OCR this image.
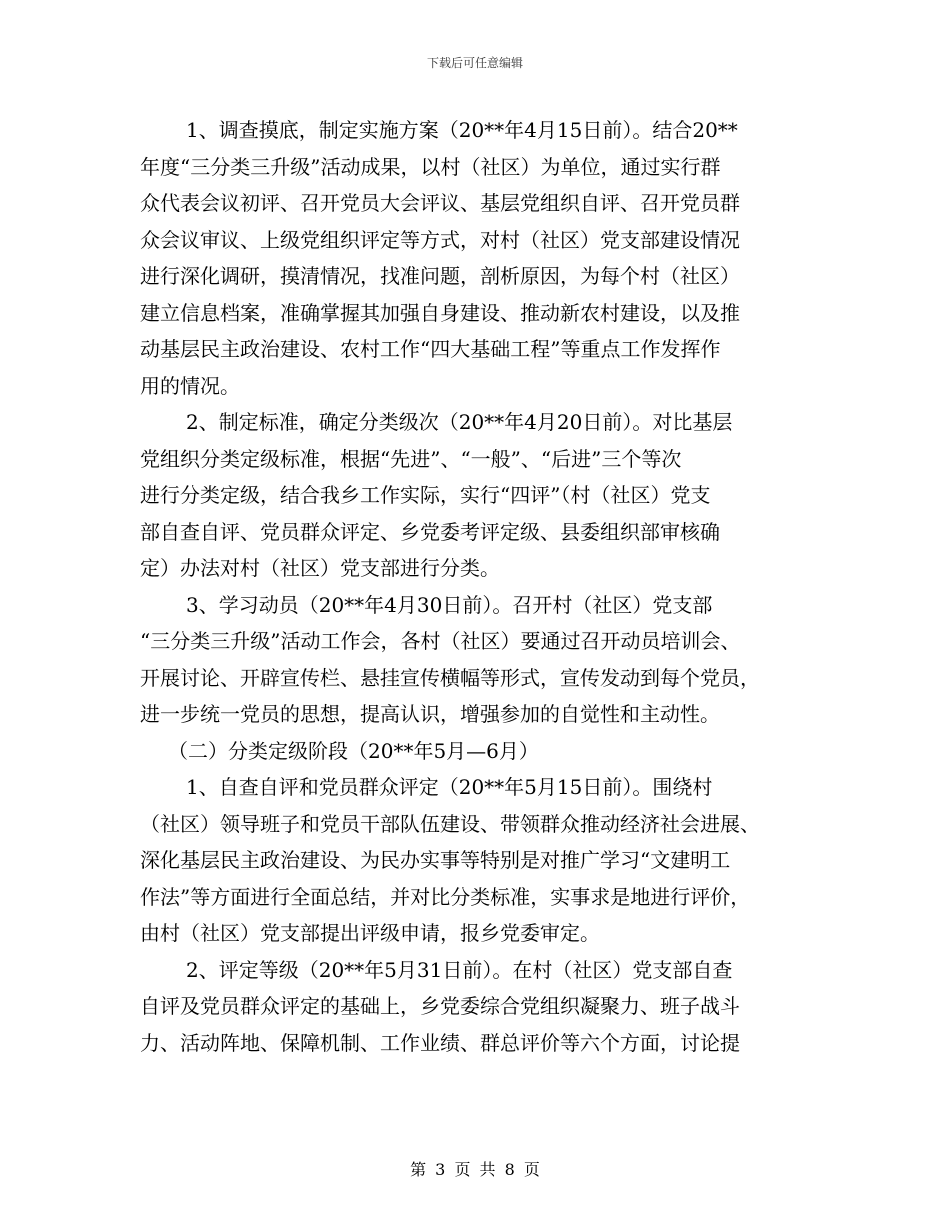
下载后可任意编辑
1、调查摸底，制定实施方案（20**年4月15日前）。结合20**
年度“三分类三升级”活动成果，以村（社区）为单位，通过实行群
众代表会议初评、召开党员大会评议、基层党组织自评、召开党员群
众会议审议、上级党组织评定等方式，对村（社区）党支部建设情况
进行深化调研，摸清情况，找准问题，剖析原因，为每个村（社区）
建立信息档案，准确掌握其加强自身建设、推动新农村建设，以及推
动基层民主政治建设、农村工作“四大基础工程”等重点工作发挥作
用的情况。
2、制定标准，确定分类级次（20**年4月20日前）。对比基层
党组织分类定级标准，根据“先进”、“一般”、“后进”三个等次
进行分类定级，结合我乡工作实际，实行“四评”（村（社区）党支
部自查自评、党员群众评定、乡党委考评定级、县委组织部审核确
定）办法对村（社区）党支部进行分类。
3、学习动员（20**年4月30日前）。召开村（社区）党支部
“三分类三升级”活动工作会，各村（社区）要通过召开动员培训会、
开展讨论、开辟宣传栏、悬挂宣传横幅等形式，宣传发动到每个党员，
进一步统一党员的思想，提高认识，增强参加的自觉性和主动性。
（二）分类定级阶段（20**年5月—6月）
1、自查自评和党员群众评定（20**年5月15日前）。围绕村
（社区）领导班子和党员干部队伍建设、带领群众推动经济社会进展、
深化基层民主政治建设、为民办实事等特别是对推广学习“文建明工
作法”等方面进行全面总结，并对比分类标准，实事求是地进行评价，
由村（社区）党支部提出评级申请，报乡党委审定。
2、评定等级（20**年5月31日前）。在村（社区）党支部自查
自评及党员群众评定的基础上，乡党委综合党组织凝聚力、班子战斗
力、活动阵地、保障机制、工作业绩、群总评价等六个方面，讨论提
第 3 页 共 8 页
